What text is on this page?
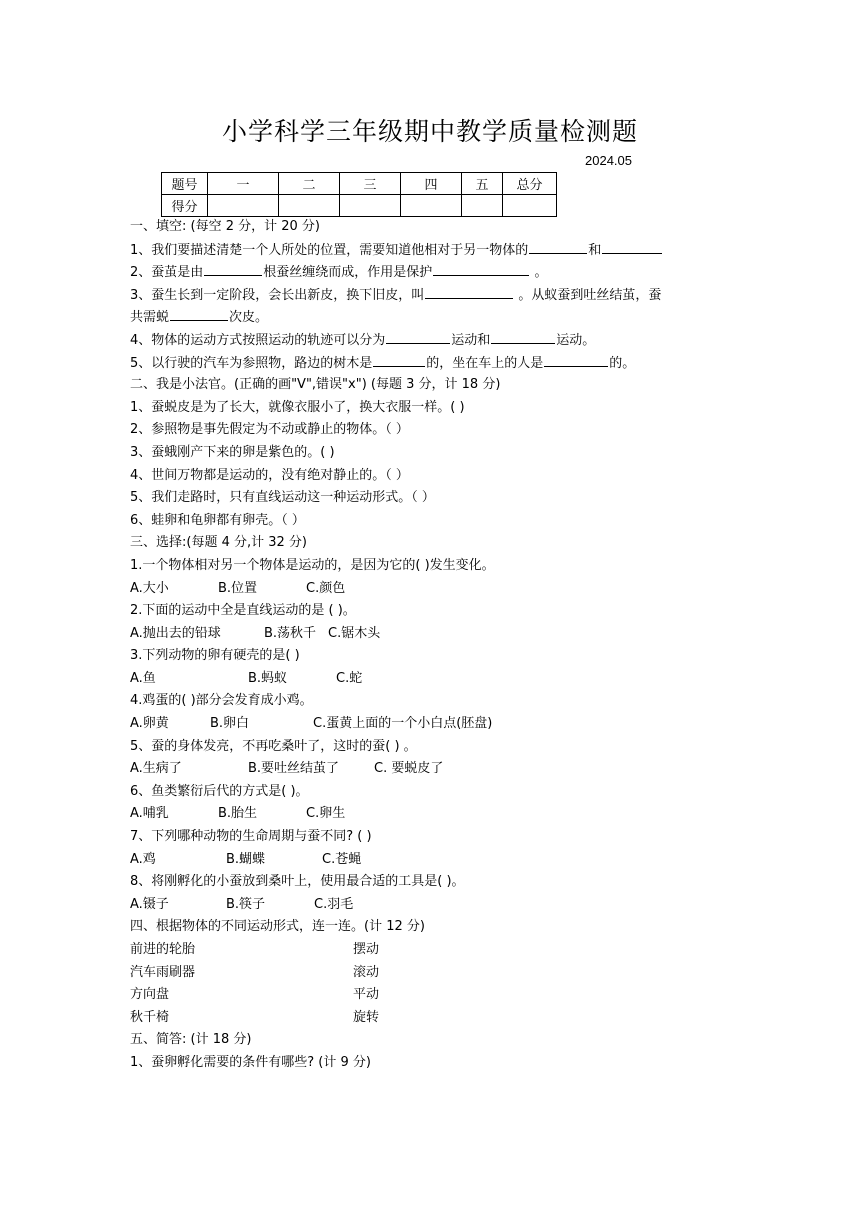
小学科学三年级期中教学质量检测题
2024.05
题号	一	二	三	四	五	总分
得分						
一、填空: (每空 2 分，计 20 分)
1、我们要描述清楚一个人所处的位置，需要知道他相对于另一物体的	和
2、蚕茧是由	根蚕丝缠绕而成，作用是保护	。
3、蚕生长到一定阶段，会长出新皮，换下旧皮，叫	。从蚁蚕到吐丝结茧，蚕
共需蜕	次皮。
4、物体的运动方式按照运动的轨迹可以分为	运动和	运动。
5、以行驶的汽车为参照物，路边的树木是	的，坐在车上的人是	的。
二、我是小法官。(正确的画"V",错误"x") (每题 3 分，计 18 分)
1、蚕蜕皮是为了长大，就像衣服小了，换大衣服一样。( )
2、参照物是事先假定为不动或静止的物体。（ ）
3、蚕蛾刚产下来的卵是紫色的。( )
4、世间万物都是运动的，没有绝对静止的。（ ）
5、我们走路时，只有直线运动这一种运动形式。（ ）
6、蛙卵和龟卵都有卵壳。（ ）
三、选择:(每题 4 分,计 32 分)
1.一个物体相对另一个物体是运动的，是因为它的( )发生变化。
A.大小	B.位置	C.颜色
2.下面的运动中全是直线运动的是 ( )。
A.抛出去的铅球	B.荡秋千 C.锯木头
3.下列动物的卵有硬壳的是( )
A.鱼	B.蚂蚁	C.蛇
4.鸡蛋的( )部分会发育成小鸡。
A.卵黄	B.卵白	C.蛋黄上面的一个小白点(胚盘)
5、蚕的身体发亮，不再吃桑叶了，这时的蚕( ) 。
A.生病了	B.要吐丝结茧了	C. 要蜕皮了
6、鱼类繁衍后代的方式是( )。
A.哺乳	B.胎生	C.卵生
7、下列哪种动物的生命周期与蚕不同? ( )
A.鸡	B.蝴蝶	C.苍蝇
8、将刚孵化的小蚕放到桑叶上，使用最合适的工具是( )。
A.镊子	B.筷子	C.羽毛
四、根据物体的不同运动形式，连一连。(计 12 分)
前进的轮胎	摆动
汽车雨刷器	滚动
方向盘	平动
秋千椅	旋转
五、简答: (计 18 分)
1、蚕卵孵化需要的条件有哪些? (计 9 分)
